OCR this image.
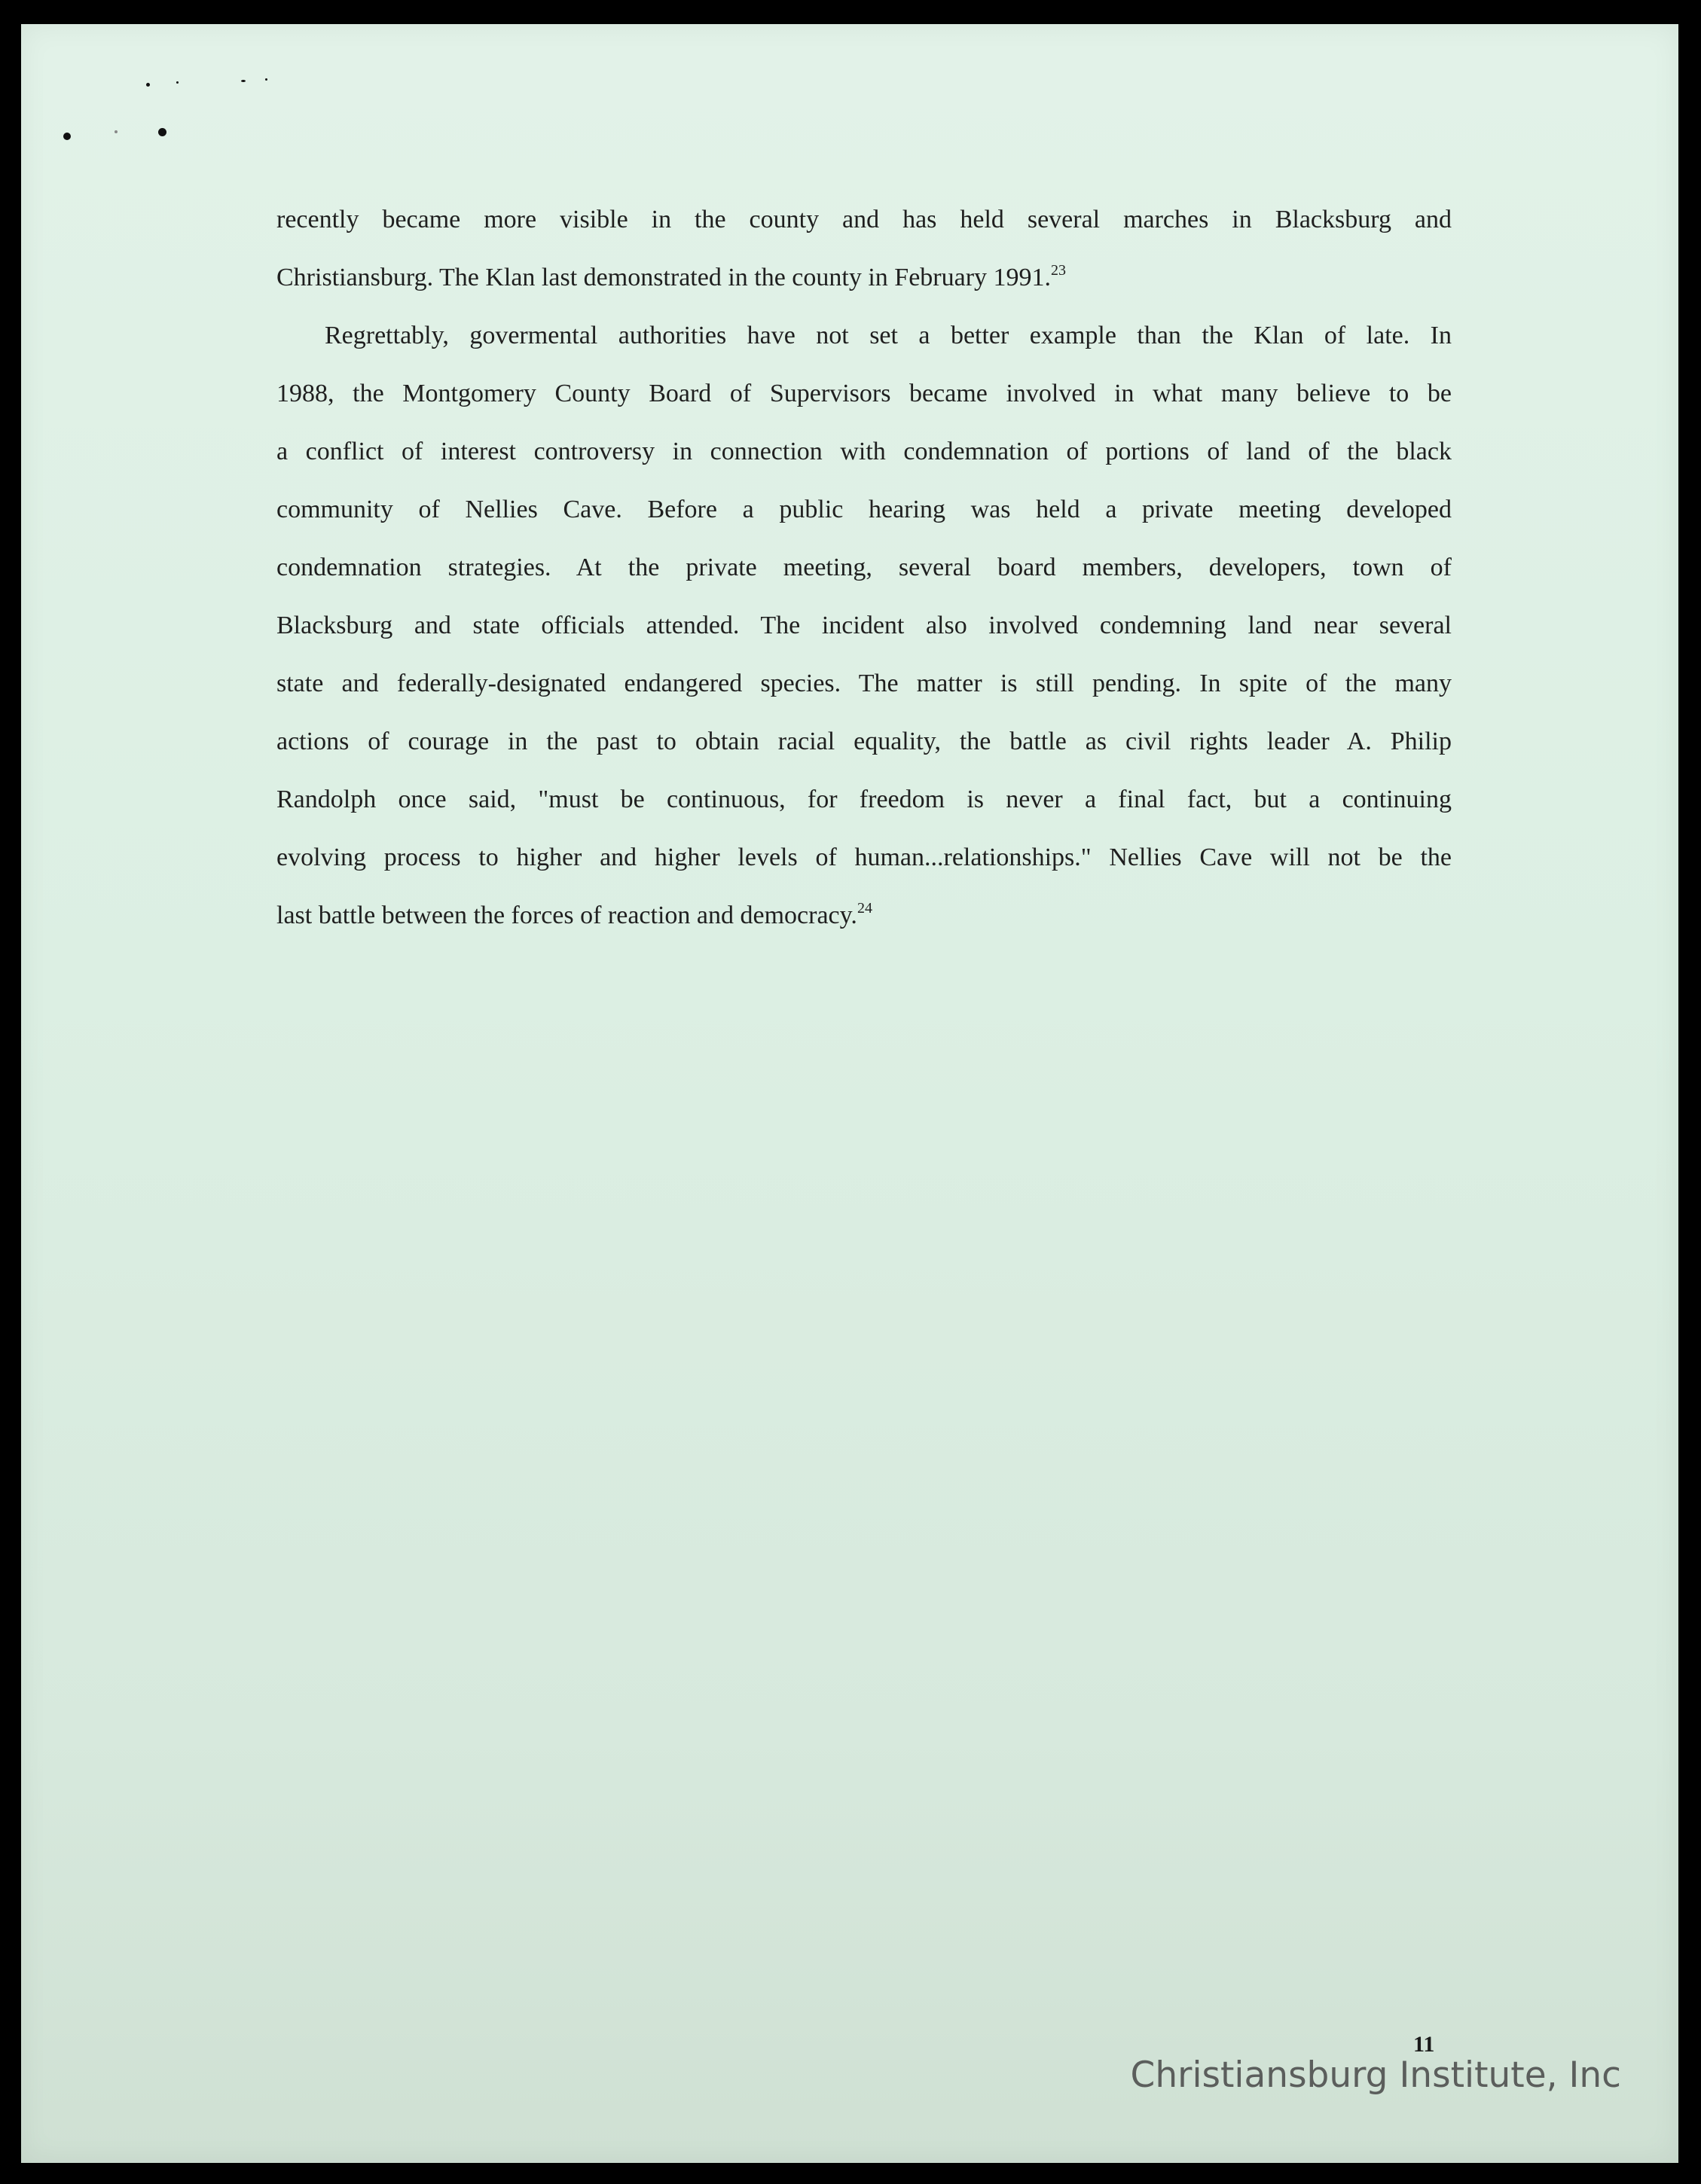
recently became more visible in the county and has held several marches in Blacksburg and
Christiansburg. The Klan last demonstrated in the county in February 1991.23
Regrettably, govermental authorities have not set a better example than the Klan of late. In
1988, the Montgomery County Board of Supervisors became involved in what many believe to be
a conflict of interest controversy in connection with condemnation of portions of land of the black
community of Nellies Cave. Before a public hearing was held a private meeting developed
condemnation strategies. At the private meeting, several board members, developers, town of
Blacksburg and state officials attended. The incident also involved condemning land near several
state and federally-designated endangered species. The matter is still pending. In spite of the many
actions of courage in the past to obtain racial equality, the battle as civil rights leader A. Philip
Randolph once said, "must be continuous, for freedom is never a final fact, but a continuing
evolving process to higher and higher levels of human...relationships." Nellies Cave will not be the
last battle between the forces of reaction and democracy.$^{24}$
11
Christiansburg Institute, Inc
